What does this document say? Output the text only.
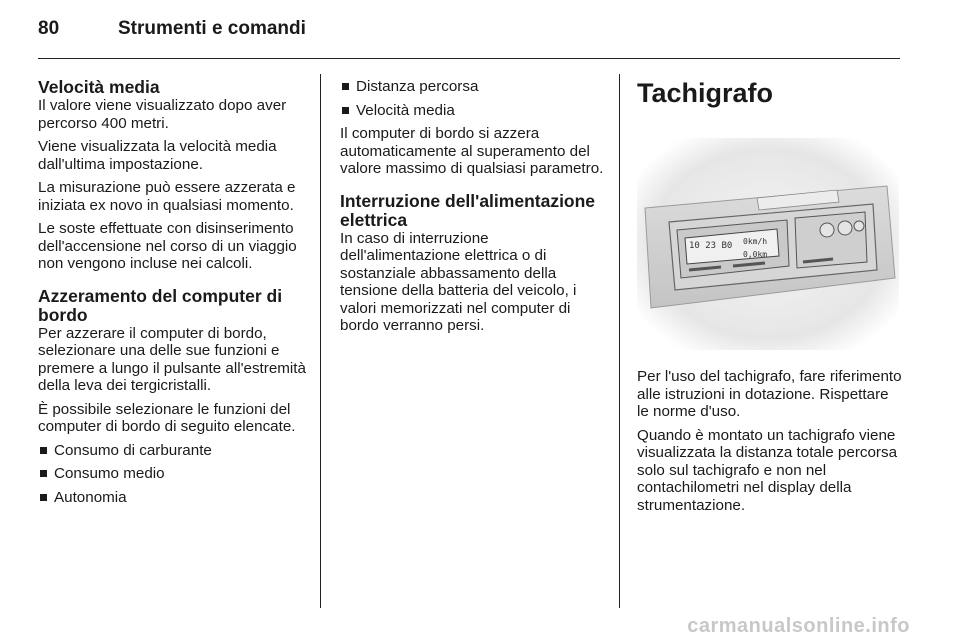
80	Strumenti e comandi
Velocità media

Il valore viene visualizzato dopo aver percorso 400 metri.

Viene visualizzata la velocità media dall'ultima impostazione.

La misurazione può essere azzerata e iniziata ex novo in qualsiasi momento.

Le soste effettuate con disinserimento dell'accensione nel corso di un viaggio non vengono incluse nei calcoli.

Azzeramento del computer di bordo

Per azzerare il computer di bordo, selezionare una delle sue funzioni e premere a lungo il pulsante all'estremità della leva dei tergicristalli.

È possibile selezionare le funzioni del computer di bordo di seguito elencate.

Consumo di carburante
Consumo medio
Autonomia
Distanza percorsa
Velocità media

Il computer di bordo si azzera automaticamente al superamento del valore massimo di qualsiasi parametro.

Interruzione dell'alimentazione elettrica

In caso di interruzione dell'alimentazione elettrica o di sostanziale abbassamento della tensione della batteria del veicolo, i valori memorizzati nel computer di bordo verranno persi.

Tachigrafo
10 23 B0 0km/h
0,0km

Per l'uso del tachigrafo, fare riferimento alle istruzioni in dotazione. Rispettare le norme d'uso.

Quando è montato un tachigrafo viene visualizzata la distanza totale percorsa solo sul tachigrafo e non nel contachilometri nel display della strumentazione.

carmanualsonline.info
